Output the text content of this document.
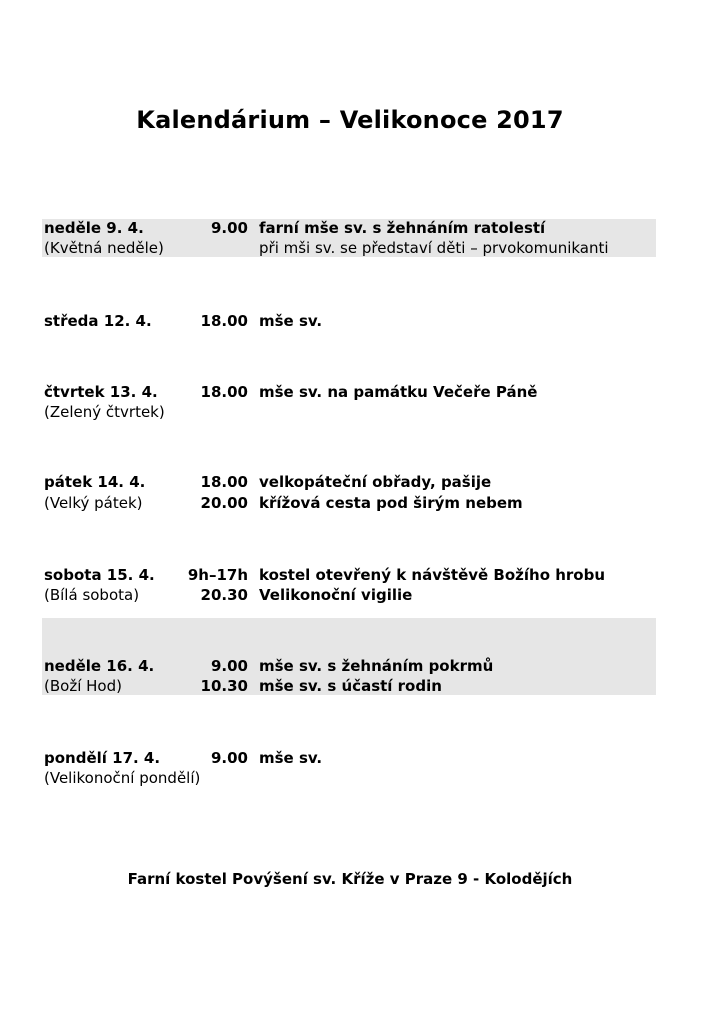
Kalendárium – Velikonoce 2017
neděle 9. 4.	9.00 farní mše sv. s žehnáním ratolestí
(Květná neděle)	při mši sv. se představí děti – prvokomunikanti
středa 12. 4.	18.00 mše sv.
čtvrtek 13. 4.	18.00 mše sv. na památku Večeře Páně
(Zelený čtvrtek)
pátek 14. 4.	18.00 velkopáteční obřady, pašije
(Velký pátek)	20.00 křížová cesta pod širým nebem
sobota 15. 4. 9h–17h kostel otevřený k návštěvě Božího hrobu
(Bílá sobota)	20.30 Velikonoční vigilie
neděle 16. 4.	9.00 mše sv. s žehnáním pokrmů
(Boží Hod)	10.30 mše sv. s účastí rodin
pondělí 17. 4.	9.00 mše sv.
(Velikonoční pondělí)
Farní kostel Povýšení sv. Kříže v Praze 9 - Kolodějích
